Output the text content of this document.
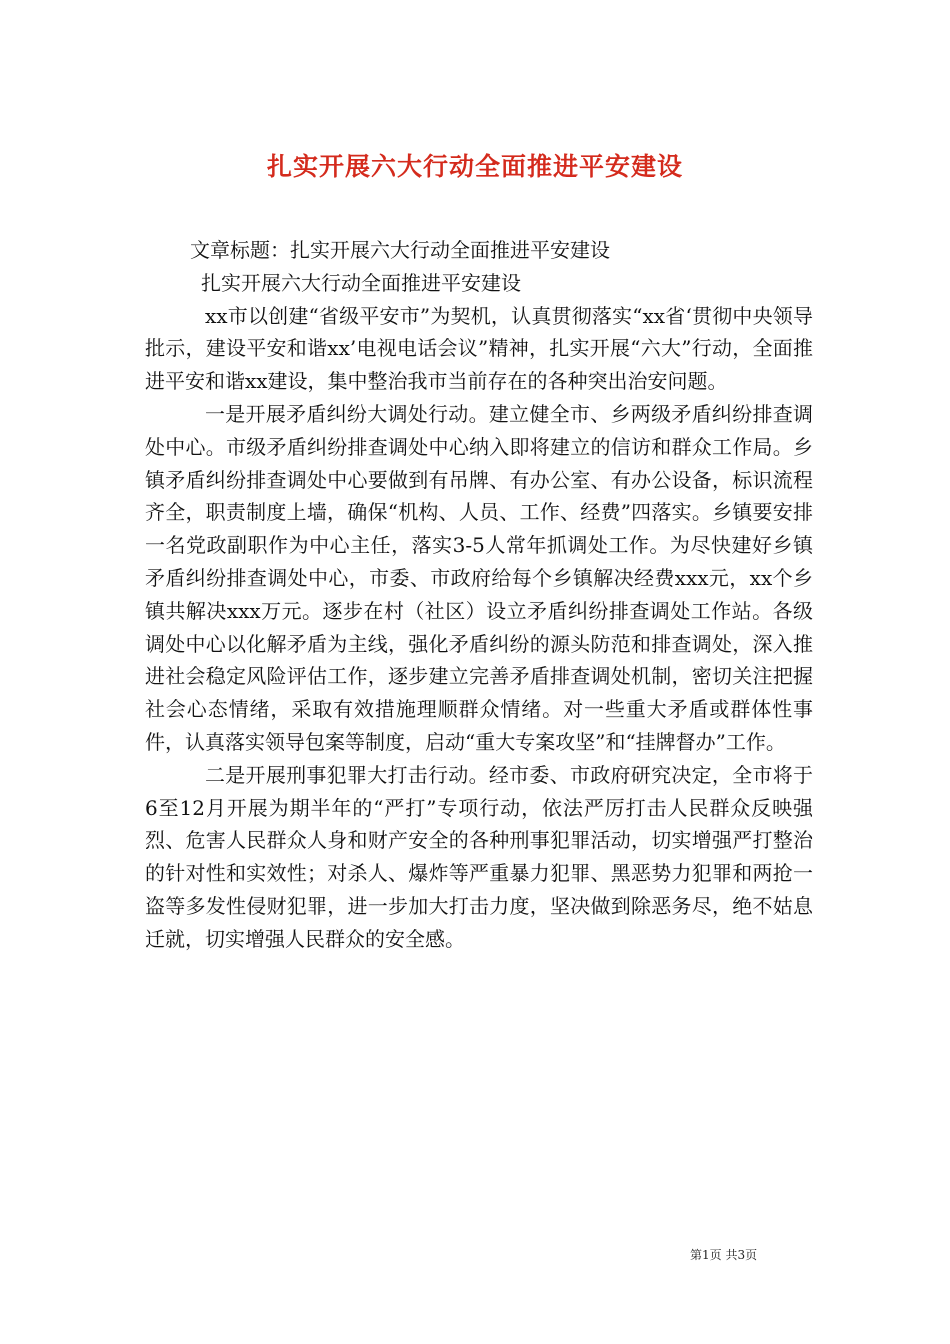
扎实开展六大行动全面推进平安建设

文章标题：扎实开展六大行动全面推进平安建设

扎实开展六大行动全面推进平安建设

xx市以创建“省级平安市”为契机，认真贯彻落实“xx省‘贯彻中央领导批示，建设平安和谐xx’电视电话会议”精神，扎实开展“六大”行动，全面推进平安和谐xx建设，集中整治我市当前存在的各种突出治安问题。

一是开展矛盾纠纷大调处行动。建立健全市、乡两级矛盾纠纷排查调处中心。市级矛盾纠纷排查调处中心纳入即将建立的信访和群众工作局。乡镇矛盾纠纷排查调处中心要做到有吊牌、有办公室、有办公设备，标识流程齐全，职责制度上墙，确保“机构、人员、工作、经费”四落实。乡镇要安排一名党政副职作为中心主任，落实3-5人常年抓调处工作。为尽快建好乡镇矛盾纠纷排查调处中心，市委、市政府给每个乡镇解决经费xxx元，xx个乡镇共解决xxx万元。逐步在村（社区）设立矛盾纠纷排查调处工作站。各级调处中心以化解矛盾为主线，强化矛盾纠纷的源头防范和排查调处，深入推进社会稳定风险评估工作，逐步建立完善矛盾排查调处机制，密切关注把握社会心态情绪，采取有效措施理顺群众情绪。对一些重大矛盾或群体性事件，认真落实领导包案等制度，启动“重大专案攻坚”和“挂牌督办”工作。

二是开展刑事犯罪大打击行动。经市委、市政府研究决定，全市将于6至12月开展为期半年的“严打”专项行动，依法严厉打击人民群众反映强烈、危害人民群众人身和财产安全的各种刑事犯罪活动，切实增强严打整治的针对性和实效性；对杀人、爆炸等严重暴力犯罪、黑恶势力犯罪和两抢一盗等多发性侵财犯罪，进一步加大打击力度，坚决做到除恶务尽，绝不姑息迁就，切实增强人民群众的安全感。

第1页 共3页
